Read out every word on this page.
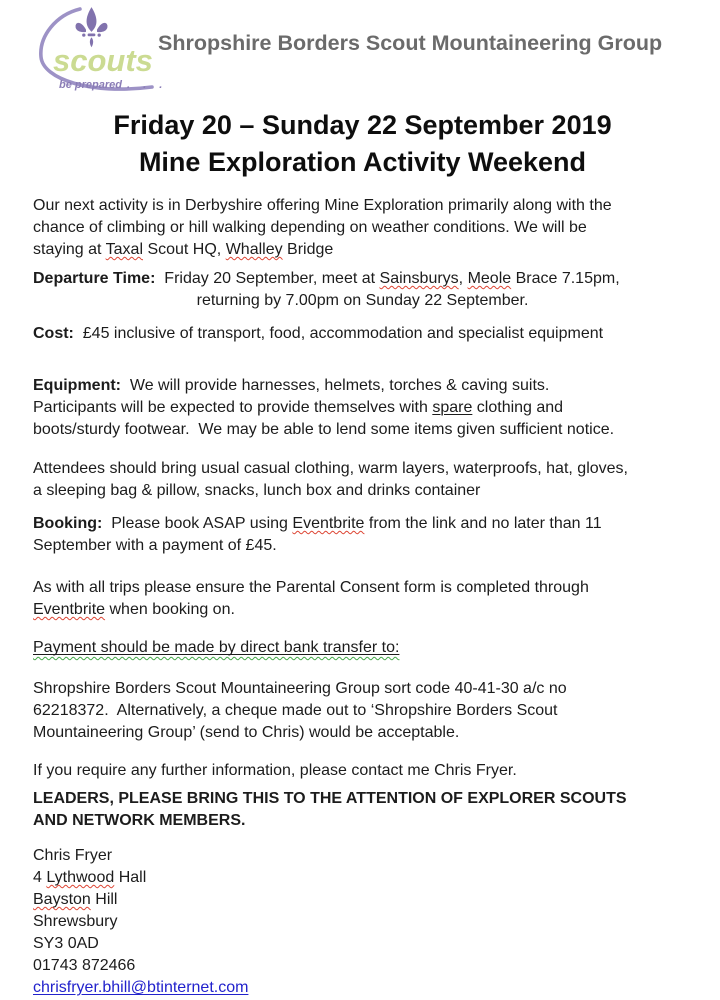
scouts
be prepared . . .
Shropshire Borders Scout Mountaineering Group
Friday 20 – Sunday 22 September 2019
Mine Exploration Activity Weekend
Our next activity is in Derbyshire offering Mine Exploration primarily along with the
chance of climbing or hill walking depending on weather conditions. We will be
staying at Taxal Scout HQ, Whalley Bridge
Departure Time:  Friday 20 September, meet at Sainsburys, Meole Brace 7.15pm,
returning by 7.00pm on Sunday 22 September.
Cost:  £45 inclusive of transport, food, accommodation and specialist equipment
Equipment:  We will provide harnesses, helmets, torches & caving suits.
Participants will be expected to provide themselves with spare clothing and
boots/sturdy footwear.  We may be able to lend some items given sufficient notice.
Attendees should bring usual casual clothing, warm layers, waterproofs, hat, gloves,
a sleeping bag & pillow, snacks, lunch box and drinks container
Booking:  Please book ASAP using Eventbrite from the link and no later than 11
September with a payment of £45.
As with all trips please ensure the Parental Consent form is completed through
Eventbrite when booking on.
Payment should be made by direct bank transfer to:
Shropshire Borders Scout Mountaineering Group sort code 40-41-30 a/c no
62218372.  Alternatively, a cheque made out to ‘Shropshire Borders Scout
Mountaineering Group’ (send to Chris) would be acceptable.
If you require any further information, please contact me Chris Fryer.
LEADERS, PLEASE BRING THIS TO THE ATTENTION OF EXPLORER SCOUTS
AND NETWORK MEMBERS.
Chris Fryer
4 Lythwood Hall
Bayston Hill
Shrewsbury
SY3 0AD
01743 872466
chrisfryer.bhill@btinternet.com
